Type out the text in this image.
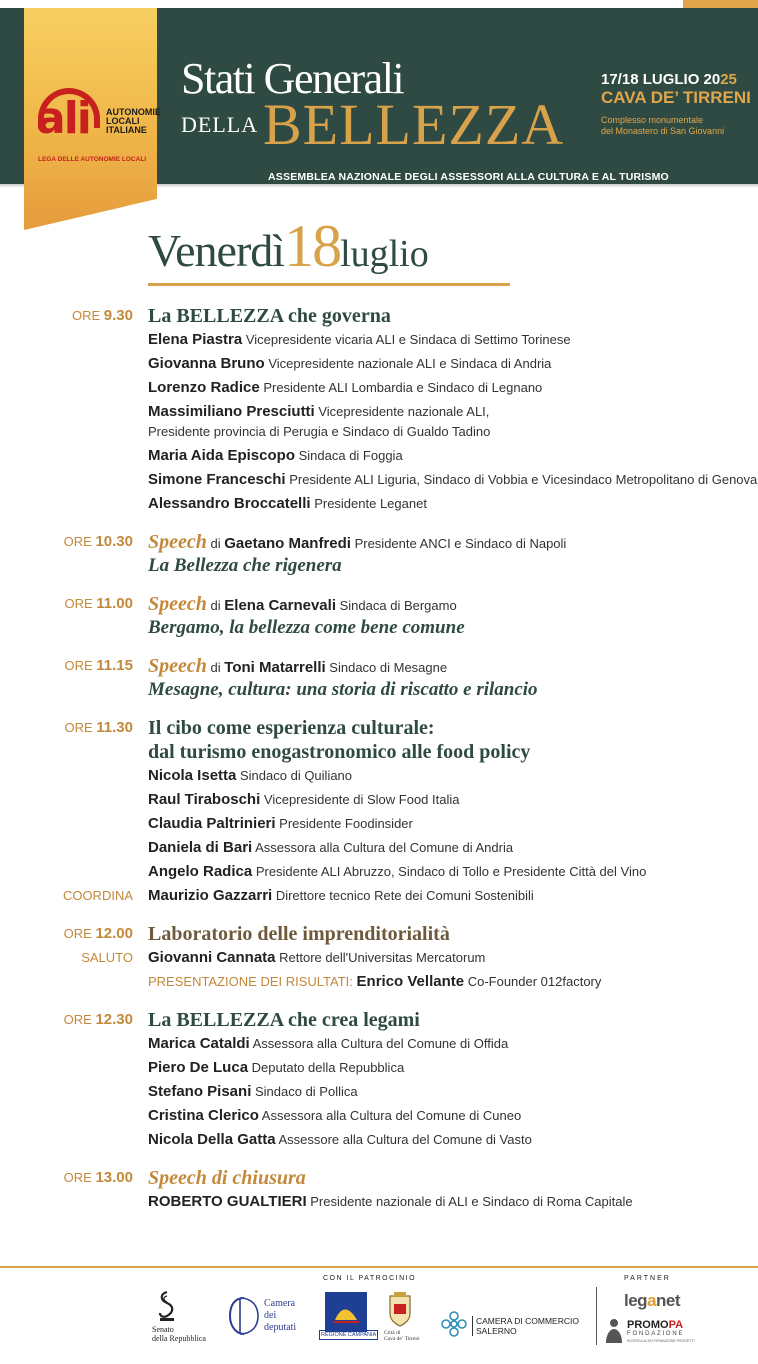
Stati Generali
DELLA BELLEZZA
ASSEMBLEA NAZIONALE DEGLI ASSESSORI ALLA CULTURA E AL TURISMO
17/18 LUGLIO 2025
CAVA DE’ TIRRENI
Complesso monumentale
del Monastero di San Giovanni
ali AUTONOMIE
LOCALI
ITALIANE
LEGA DELLE AUTONOMIE LOCALI
Venerdì18luglio
ORE 9.30 La BELLEZZA che governa
Elena Piastra Vicepresidente vicaria ALI e Sindaca di Settimo Torinese
Giovanna Bruno Vicepresidente nazionale ALI e Sindaca di Andria
Lorenzo Radice Presidente ALI Lombardia e Sindaco di Legnano
Massimiliano Presciutti Vicepresidente nazionale ALI,
Presidente provincia di Perugia e Sindaco di Gualdo Tadino
Maria Aida Episcopo Sindaca di Foggia
Simone Franceschi Presidente ALI Liguria, Sindaco di Vobbia e Vicesindaco Metropolitano di Genova
Alessandro Broccatelli Presidente Leganet
ORE 10.30 Speech di Gaetano Manfredi Presidente ANCI e Sindaco di Napoli
La Bellezza che rigenera
ORE 11.00 Speech di Elena Carnevali Sindaca di Bergamo
Bergamo, la bellezza come bene comune
ORE 11.15 Speech di Toni Matarrelli Sindaco di Mesagne
Mesagne, cultura: una storia di riscatto e rilancio
ORE 11.30 Il cibo come esperienza culturale:
dal turismo enogastronomico alle food policy
Nicola Isetta Sindaco di Quiliano
Raul Tiraboschi Vicepresidente di Slow Food Italia
Claudia Paltrinieri Presidente Foodinsider
Daniela di Bari Assessora alla Cultura del Comune di Andria
Angelo Radica Presidente ALI Abruzzo, Sindaco di Tollo e Presidente Città del Vino
COORDINA Maurizio Gazzarri Direttore tecnico Rete dei Comuni Sostenibili
ORE 12.00 Laboratorio delle imprenditorialità
SALUTO Giovanni Cannata Rettore dell'Universitas Mercatorum
PRESENTAZIONE DEI RISULTATI: Enrico Vellante Co-Founder 012factory
ORE 12.30 La BELLEZZA che crea legami
Marica Cataldi Assessora alla Cultura del Comune di Offida
Piero De Luca Deputato della Repubblica
Stefano Pisani Sindaco di Pollica
Cristina Clerico Assessora alla Cultura del Comune di Cuneo
Nicola Della Gatta Assessore alla Cultura del Comune di Vasto
ORE 13.00 Speech di chiusura
ROBERTO GUALTIERI Presidente nazionale di ALI e Sindaco di Roma Capitale
CON IL PATROCINIO	PARTNER
Senato
della Repubblica
Camera
dei
deputati
REGIONE CAMPANIA	Città di
Cava de’ Tirreni
CAMERA DI COMMERCIO
SALERNO
leganet
PROMOPA
FONDAZIONE
RICERCA ALTA FORMAZIONE PROGETTI
